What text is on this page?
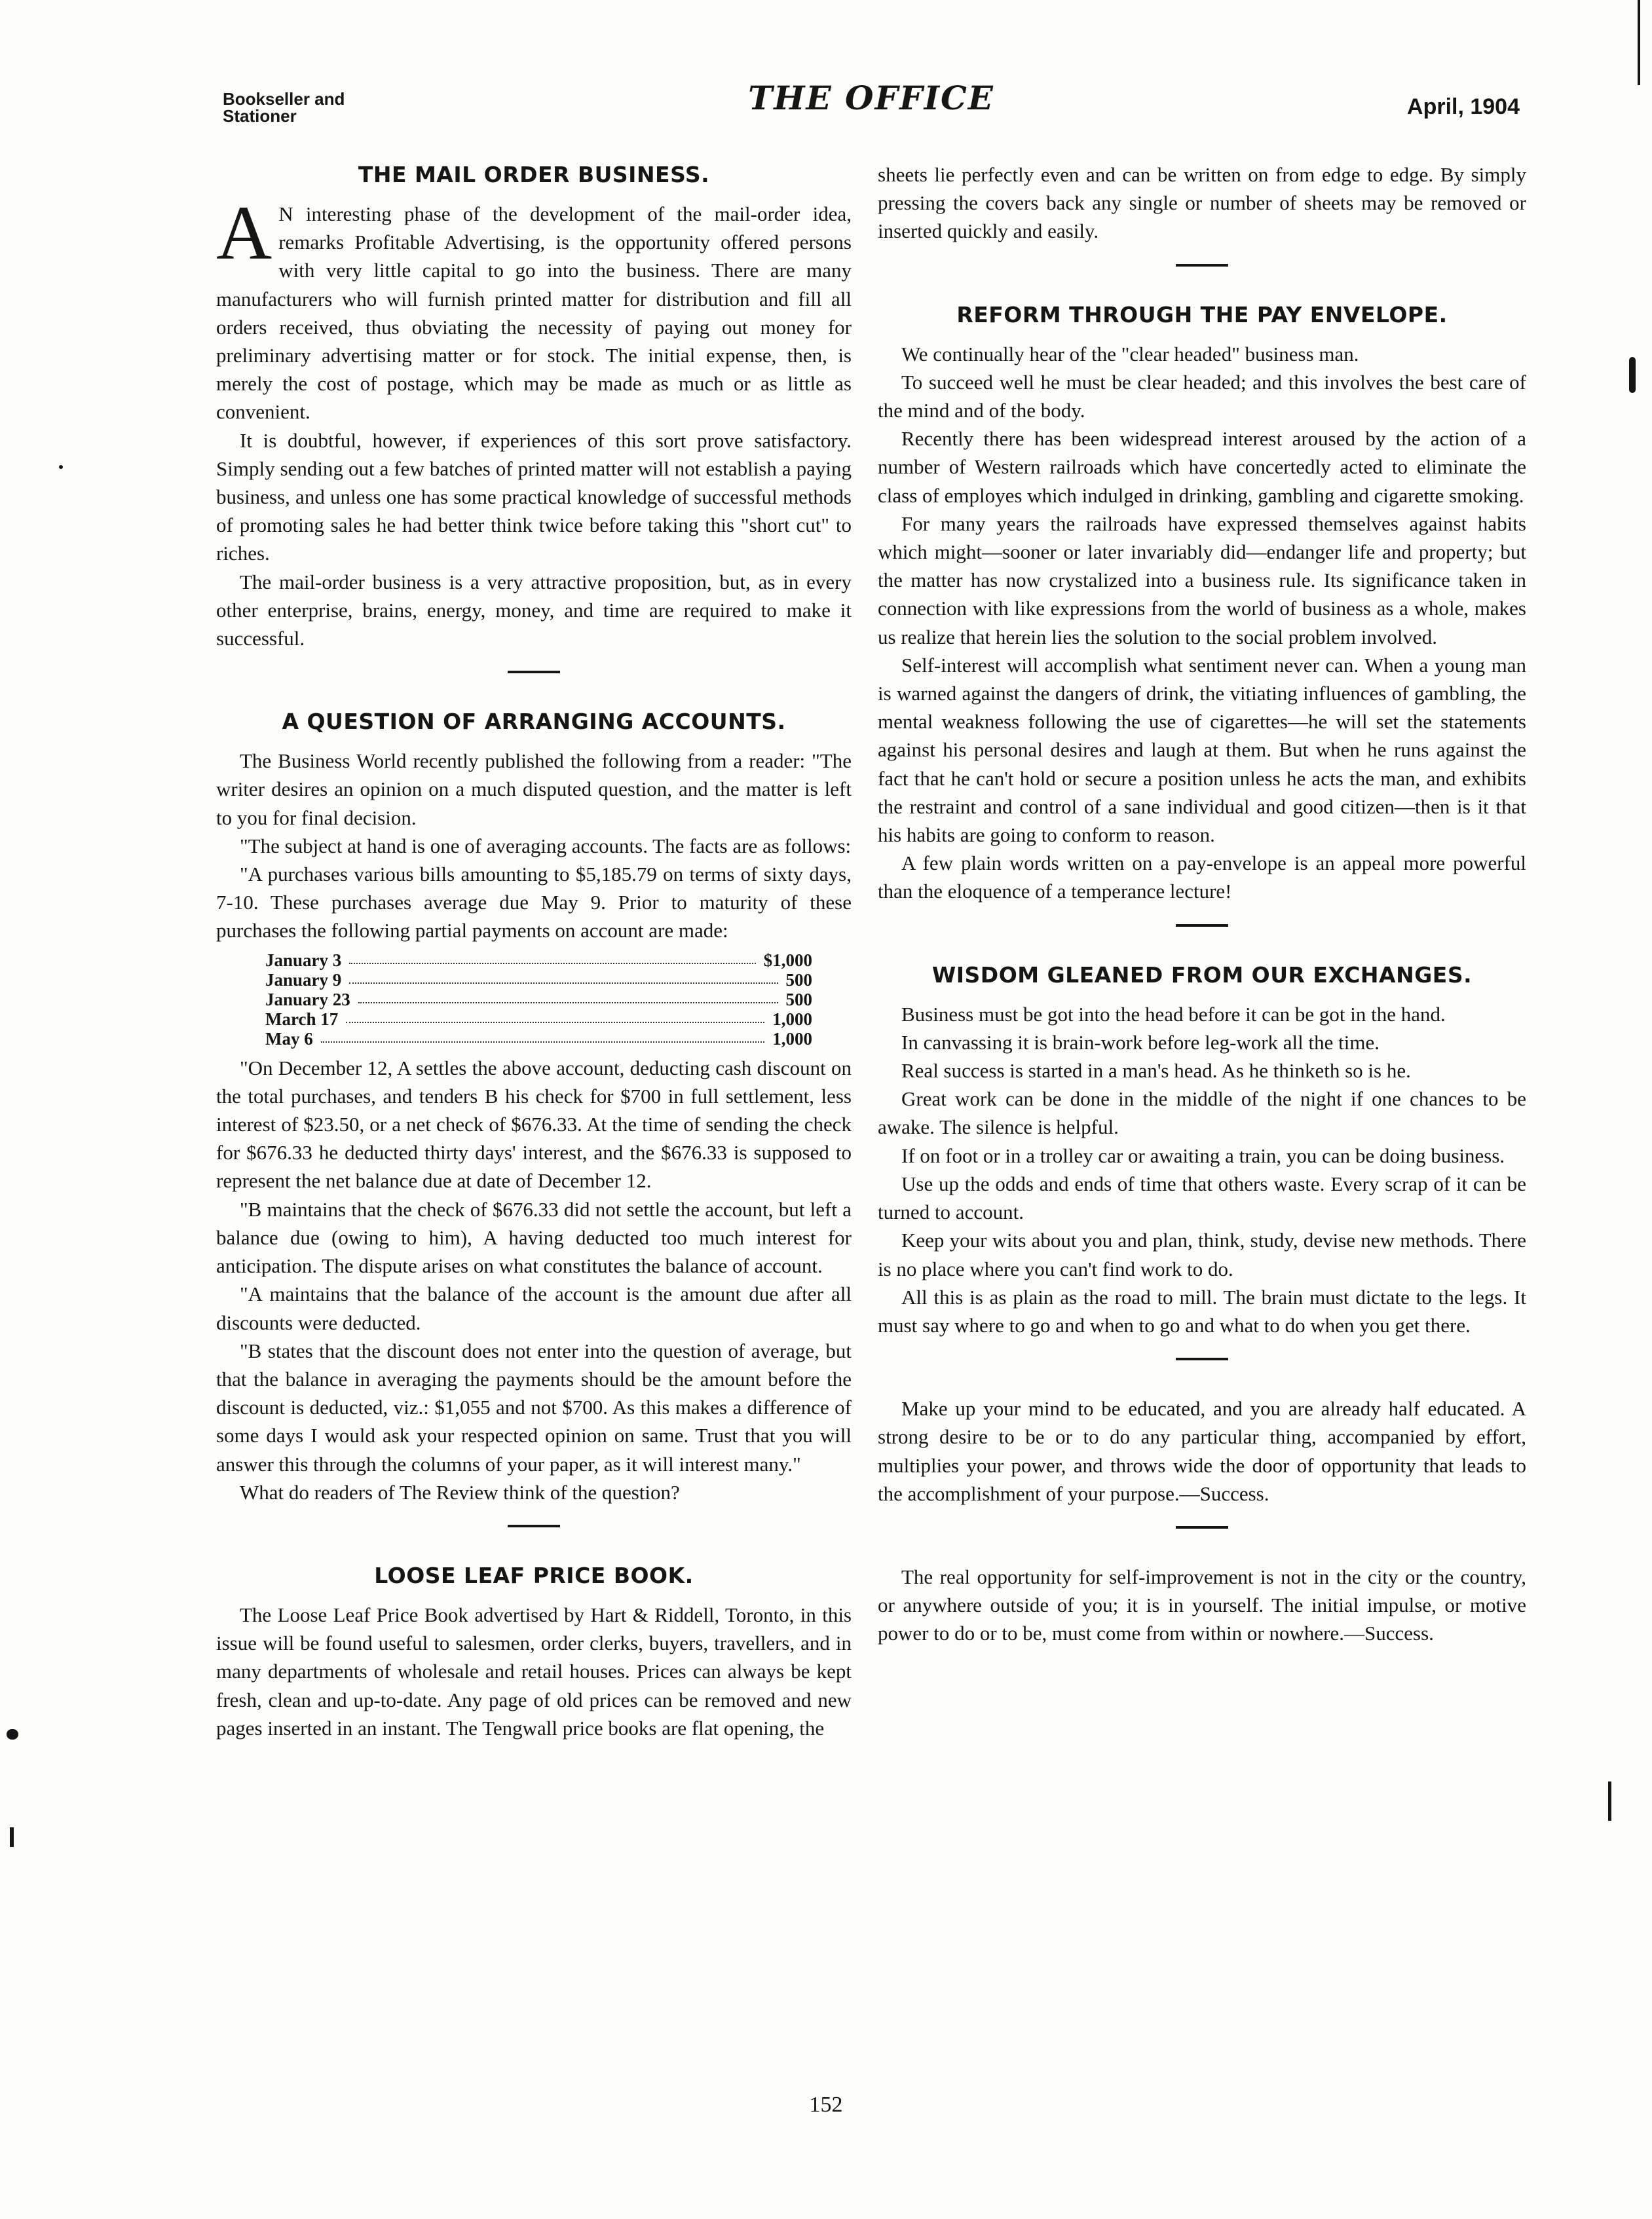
Bookseller and
Stationer	THE OFFICE	April, 1904
THE MAIL ORDER BUSINESS.

A N interesting phase of the development of the mail-order idea, remarks Profitable Advertising, is the opportunity offered persons with very little capital to go into the business. There are many manufacturers who will furnish printed matter for distribution and fill all orders received, thus obviating the necessity of paying out money for preliminary advertising matter or for stock. The initial expense, then, is merely the cost of postage, which may be made as much or as little as convenient.

It is doubtful, however, if experiences of this sort prove satisfactory. Simply sending out a few batches of printed matter will not establish a paying business, and unless one has some practical knowledge of successful methods of promoting sales he had better think twice before taking this "short cut" to riches.

The mail-order business is a very attractive proposition, but, as in every other enterprise, brains, energy, money, and time are required to make it successful.

A QUESTION OF ARRANGING ACCOUNTS.

The Business World recently published the following from a reader: "The writer desires an opinion on a much disputed question, and the matter is left to you for final decision.

"The subject at hand is one of averaging accounts. The facts are as follows:

"A purchases various bills amounting to $5,185.79 on terms of sixty days, 7-10. These purchases average due May 9. Prior to maturity of these purchases the following partial payments on account are made:

January 3	$1,000
January 9	500
January 23	500
March 17	1,000
May 6	1,000

"On December 12, A settles the above account, deducting cash discount on the total purchases, and tenders B his check for $700 in full settlement, less interest of $23.50, or a net check of $676.33. At the time of sending the check for $676.33 he deducted thirty days' interest, and the $676.33 is supposed to represent the net balance due at date of December 12.

"B maintains that the check of $676.33 did not settle the account, but left a balance due (owing to him), A having deducted too much interest for anticipation. The dispute arises on what constitutes the balance of account.

"A maintains that the balance of the account is the amount due after all discounts were deducted.

"B states that the discount does not enter into the question of average, but that the balance in averaging the payments should be the amount before the discount is deducted, viz.: $1,055 and not $700. As this makes a difference of some days I would ask your respected opinion on same. Trust that you will answer this through the columns of your paper, as it will interest many."

What do readers of The Review think of the question?

LOOSE LEAF PRICE BOOK.

The Loose Leaf Price Book advertised by Hart & Riddell, Toronto, in this issue will be found useful to salesmen, order clerks, buyers, travellers, and in many departments of wholesale and retail houses. Prices can always be kept fresh, clean and up-to-date. Any page of old prices can be removed and new pages inserted in an instant. The Tengwall price books are flat opening, the

sheets lie perfectly even and can be written on from edge to edge. By simply pressing the covers back any single or number of sheets may be removed or inserted quickly and easily.

REFORM THROUGH THE PAY ENVELOPE.

We continually hear of the "clear headed" business man.

To succeed well he must be clear headed; and this involves the best care of the mind and of the body.

Recently there has been widespread interest aroused by the action of a number of Western railroads which have concertedly acted to eliminate the class of employes which indulged in drinking, gambling and cigarette smoking.

For many years the railroads have expressed themselves against habits which might—sooner or later invariably did—endanger life and property; but the matter has now crystalized into a business rule. Its significance taken in connection with like expressions from the world of business as a whole, makes us realize that herein lies the solution to the social problem involved.

Self-interest will accomplish what sentiment never can. When a young man is warned against the dangers of drink, the vitiating influences of gambling, the mental weakness following the use of cigarettes—he will set the statements against his personal desires and laugh at them. But when he runs against the fact that he can't hold or secure a position unless he acts the man, and exhibits the restraint and control of a sane individual and good citizen—then is it that his habits are going to conform to reason.

A few plain words written on a pay-envelope is an appeal more powerful than the eloquence of a temperance lecture!

WISDOM GLEANED FROM OUR EXCHANGES.

Business must be got into the head before it can be got in the hand.

In canvassing it is brain-work before leg-work all the time.

Real success is started in a man's head. As he thinketh so is he.

Great work can be done in the middle of the night if one chances to be awake. The silence is helpful.

If on foot or in a trolley car or awaiting a train, you can be doing business.

Use up the odds and ends of time that others waste. Every scrap of it can be turned to account.

Keep your wits about you and plan, think, study, devise new methods. There is no place where you can't find work to do.

All this is as plain as the road to mill. The brain must dictate to the legs. It must say where to go and when to go and what to do when you get there.

Make up your mind to be educated, and you are already half educated. A strong desire to be or to do any particular thing, accompanied by effort, multiplies your power, and throws wide the door of opportunity that leads to the accomplishment of your purpose.—Success.

The real opportunity for self-improvement is not in the city or the country, or anywhere outside of you; it is in yourself. The initial impulse, or motive power to do or to be, must come from within or nowhere.—Success.

152
